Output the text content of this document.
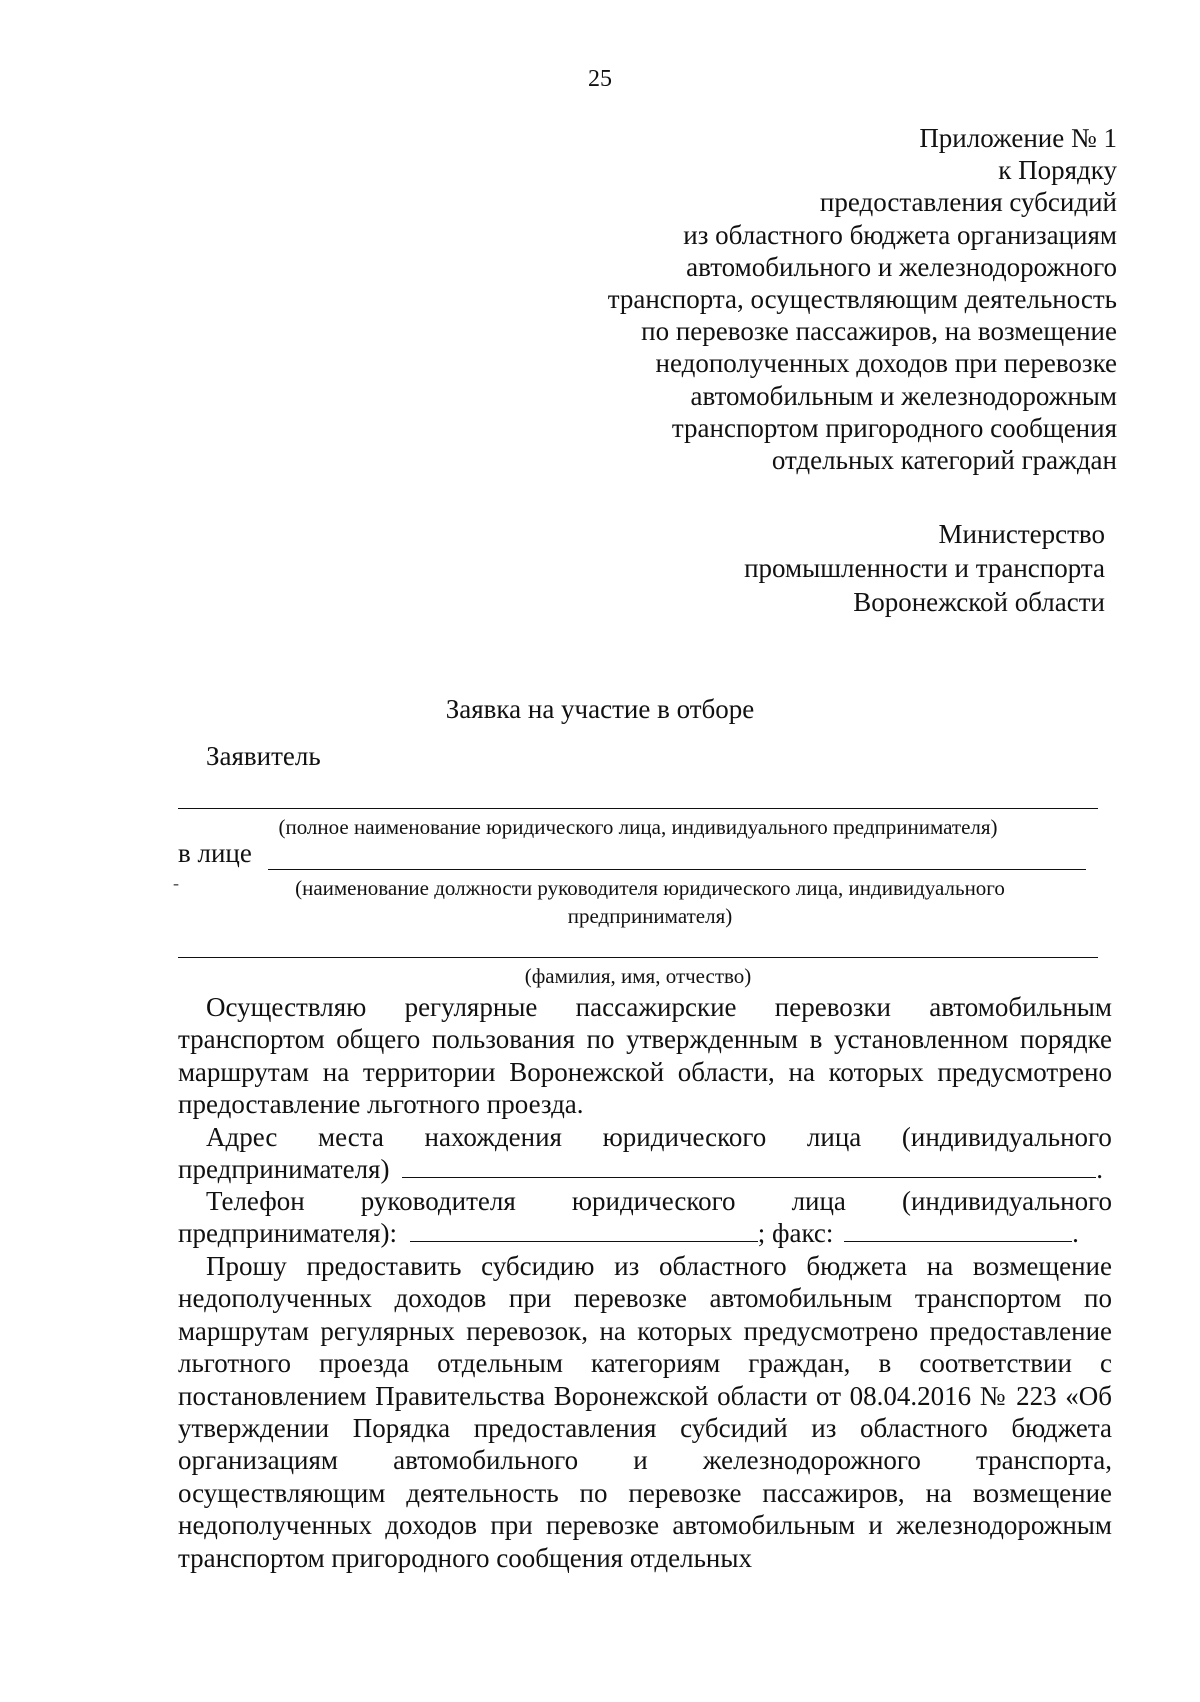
25
Приложение № 1
к Порядку
предоставления субсидий
из областного бюджета организациям
автомобильного и железнодорожного
транспорта, осуществляющим деятельность
по перевозке пассажиров, на возмещение
недополученных доходов при перевозке
автомобильным и железнодорожным
транспортом пригородного сообщения
отдельных категорий граждан
Министерство
промышленности и транспорта
Воронежской области
Заявка на участие в отборе
Заявитель
(полное наименование юридического лица, индивидуального предпринимателя)
в лице
-	(наименование должности руководителя юридического лица, индивидуального предпринимателя)
(фамилия, имя, отчество)

Осуществляю регулярные пассажирские перевозки автомобильным транспортом общего пользования по утвержденным в установленном порядке маршрутам на территории Воронежской области, на которых предусмотрено предоставление льготного проезда.

Адрес места нахождения юридического лица (индивидуального
предпринимателя)	.
Телефон руководителя юридического лица (индивидуального
предпринимателя):	; факс:	.

Прошу предоставить субсидию из областного бюджета на возмещение недополученных доходов при перевозке автомобильным транспортом по маршрутам регулярных перевозок, на которых предусмотрено предоставление льготного проезда отдельным категориям граждан, в соответствии с постановлением Правительства Воронежской области от 08.04.2016 № 223 «Об утверждении Порядка предоставления субсидий из областного бюджета организациям автомобильного и железнодорожного транспорта, осуществляющим деятельность по перевозке пассажиров, на возмещение недополученных доходов при перевозке автомобильным и железнодорожным транспортом пригородного сообщения отдельных
